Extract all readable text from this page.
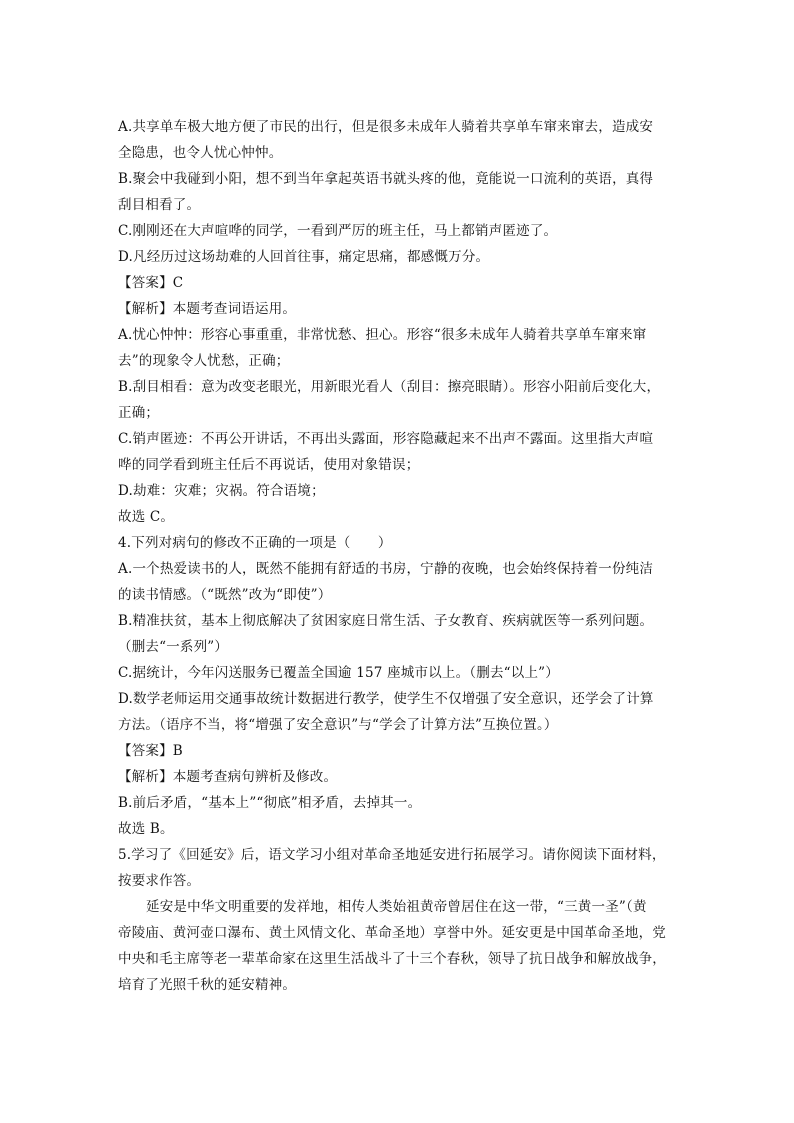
A.共享单车极大地方便了市民的出行，但是很多未成年人骑着共享单车窜来窜去，造成安
全隐患，也令人忧心忡忡。
B.聚会中我碰到小阳，想不到当年拿起英语书就头疼的他，竟能说一口流利的英语，真得
刮目相看了。
C.刚刚还在大声喧哗的同学，一看到严厉的班主任，马上都销声匿迹了。
D.凡经历过这场劫难的人回首往事，痛定思痛，都感慨万分。
【答案】C
【解析】本题考查词语运用。
A.忧心忡忡：形容心事重重，非常忧愁、担心。形容“很多未成年人骑着共享单车窜来窜
去”的现象令人忧愁，正确；
B.刮目相看：意为改变老眼光，用新眼光看人（刮目：擦亮眼睛）。形容小阳前后变化大，
正确；
C.销声匿迹：不再公开讲话，不再出头露面，形容隐藏起来不出声不露面。这里指大声喧
哗的同学看到班主任后不再说话，使用对象错误；
D.劫难：灾难；灾祸。符合语境；
故选 C。
4.下列对病句的修改不正确的一项是（　　）
A.一个热爱读书的人，既然不能拥有舒适的书房，宁静的夜晚，也会始终保持着一份纯洁
的读书情感。（“既然”改为“即使”）
B.精准扶贫，基本上彻底解决了贫困家庭日常生活、子女教育、疾病就医等一系列问题。
（删去“一系列”）
C.据统计，今年闪送服务已覆盖全国逾 157 座城市以上。（删去“以上”）
D.数学老师运用交通事故统计数据进行教学，使学生不仅增强了安全意识，还学会了计算
方法。（语序不当，将“增强了安全意识”与“学会了计算方法”互换位置。）
【答案】B
【解析】本题考查病句辨析及修改。
B.前后矛盾，“基本上”“彻底”相矛盾，去掉其一。
故选 B。
5.学习了《回延安》后，语文学习小组对革命圣地延安进行拓展学习。请你阅读下面材料，
按要求作答。
延安是中华文明重要的发祥地，相传人类始祖黄帝曾居住在这一带，“三黄一圣”（黄
帝陵庙、黄河壶口瀑布、黄土风情文化、革命圣地）享誉中外。延安更是中国革命圣地，党
中央和毛主席等老一辈革命家在这里生活战斗了十三个春秋，领导了抗日战争和解放战争，
培育了光照千秋的延安精神。
